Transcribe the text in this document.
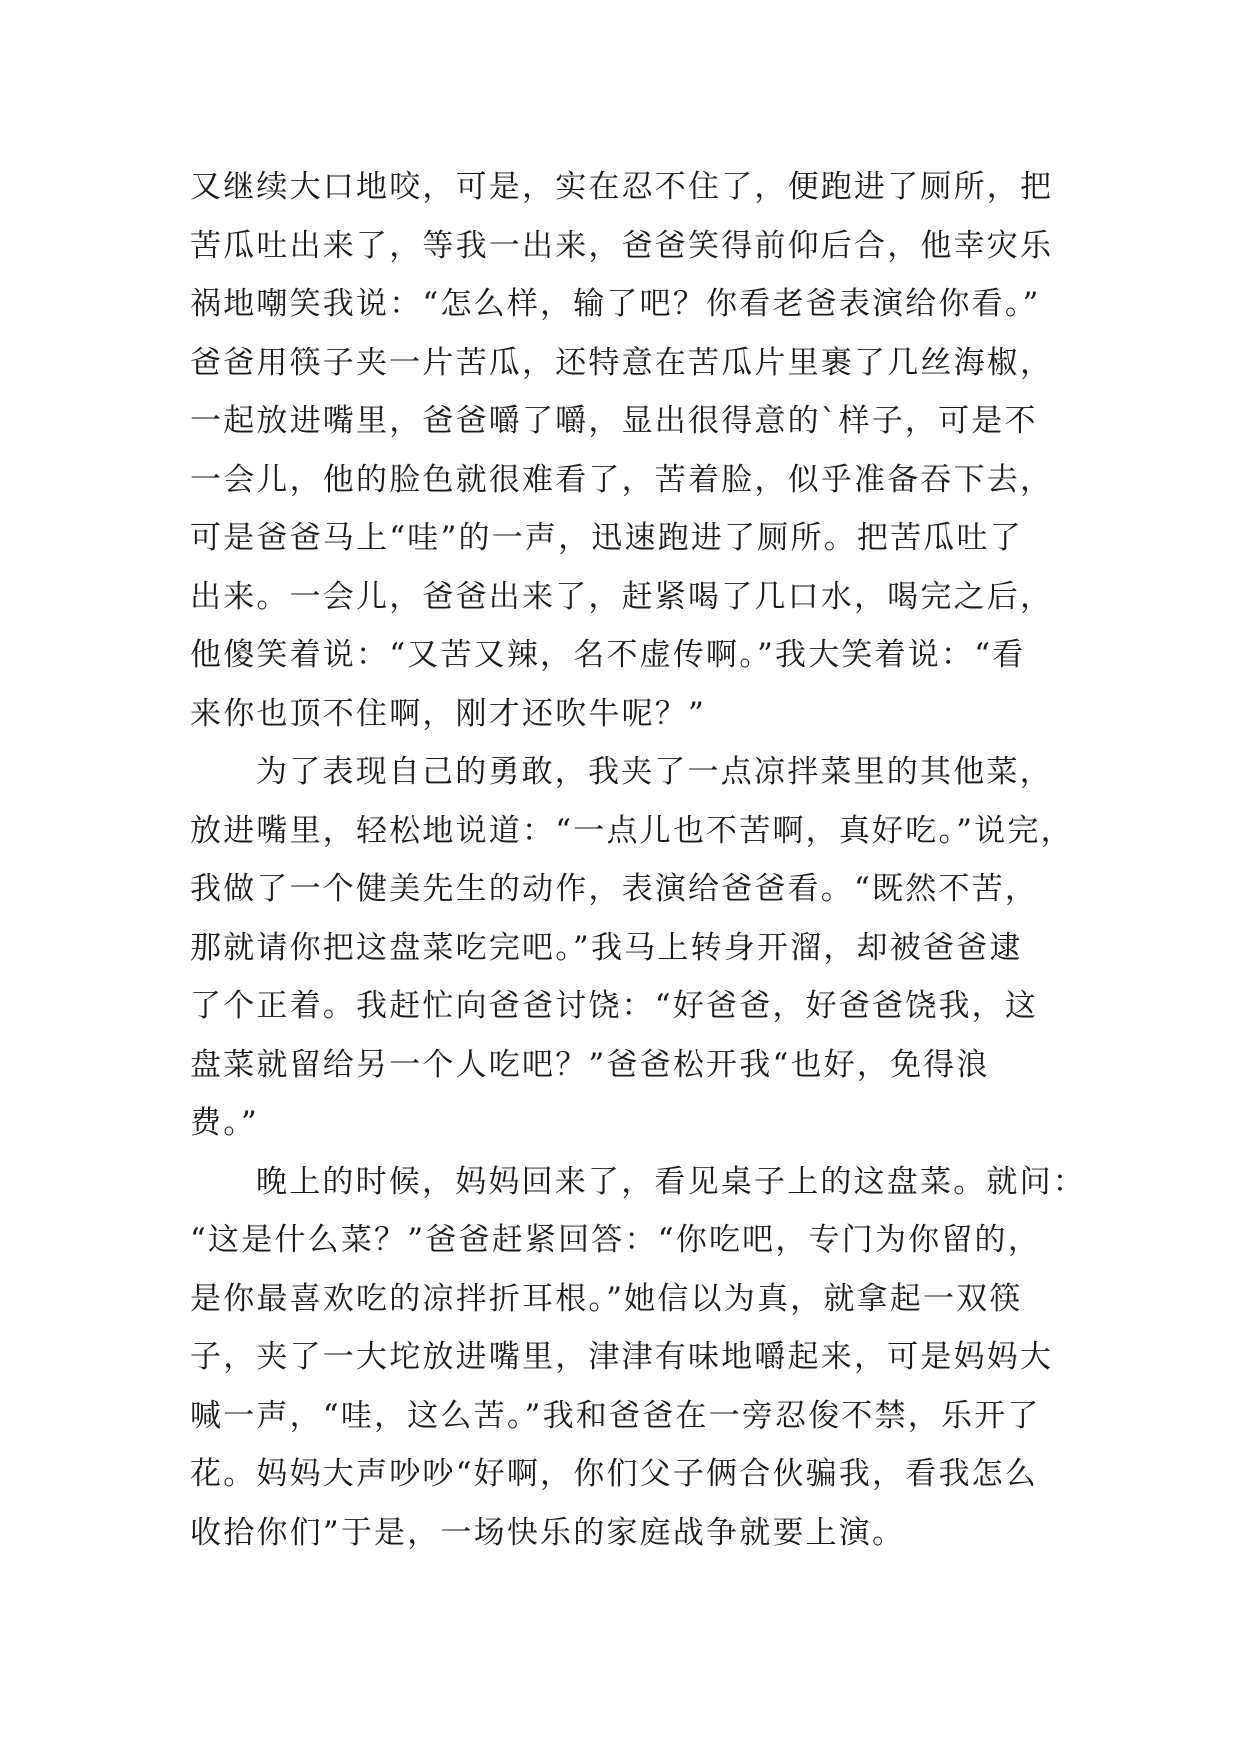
又继续大口地咬，可是，实在忍不住了，便跑进了厕所，把
苦瓜吐出来了，等我一出来，爸爸笑得前仰后合，他幸灾乐
祸地嘲笑我说：“怎么样，输了吧？你看老爸表演给你看。”
爸爸用筷子夹一片苦瓜，还特意在苦瓜片里裹了几丝海椒，
一起放进嘴里，爸爸嚼了嚼，显出很得意的`样子，可是不
一会儿，他的脸色就很难看了，苦着脸，似乎准备吞下去，
可是爸爸马上“哇”的一声，迅速跑进了厕所。把苦瓜吐了
出来。一会儿，爸爸出来了，赶紧喝了几口水，喝完之后，
他傻笑着说：“又苦又辣，名不虚传啊。”我大笑着说：“看
来你也顶不住啊，刚才还吹牛呢？”
为了表现自己的勇敢，我夹了一点凉拌菜里的其他菜，
放进嘴里，轻松地说道：“一点儿也不苦啊，真好吃。”说完，
我做了一个健美先生的动作，表演给爸爸看。“既然不苦，
那就请你把这盘菜吃完吧。”我马上转身开溜，却被爸爸逮
了个正着。我赶忙向爸爸讨饶：“好爸爸，好爸爸饶我，这
盘菜就留给另一个人吃吧？”爸爸松开我“也好，免得浪
费。”
晚上的时候，妈妈回来了，看见桌子上的这盘菜。就问：
“这是什么菜？”爸爸赶紧回答：“你吃吧，专门为你留的，
是你最喜欢吃的凉拌折耳根。”她信以为真，就拿起一双筷
子，夹了一大坨放进嘴里，津津有味地嚼起来，可是妈妈大
喊一声，“哇，这么苦。”我和爸爸在一旁忍俊不禁，乐开了
花。妈妈大声吵吵“好啊，你们父子俩合伙骗我，看我怎么
收拾你们”于是，一场快乐的家庭战争就要上演。
